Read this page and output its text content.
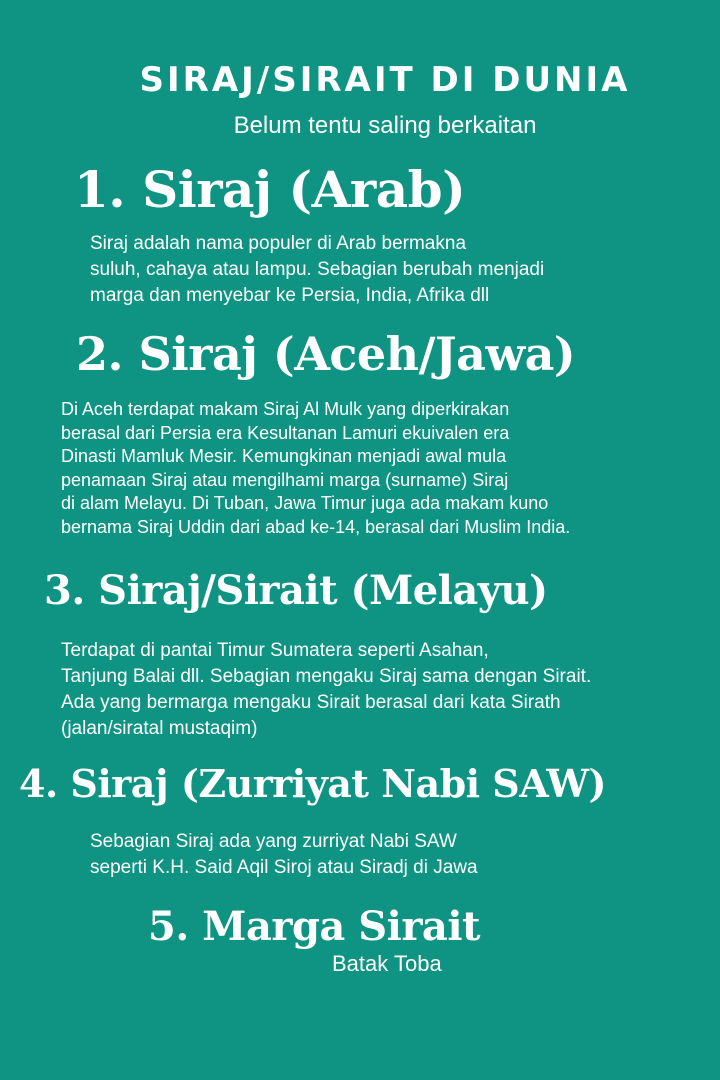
SIRAJ/SIRAIT DI DUNIA
Belum tentu saling berkaitan
1. Siraj (Arab)
Siraj adalah nama populer di Arab bermakna
suluh, cahaya atau lampu. Sebagian berubah menjadi
marga dan menyebar ke Persia, India, Afrika dll
2. Siraj (Aceh/Jawa)
Di Aceh terdapat makam Siraj Al Mulk yang diperkirakan
berasal dari Persia era Kesultanan Lamuri ekuivalen era
Dinasti Mamluk Mesir. Kemungkinan menjadi awal mula
penamaan Siraj atau mengilhami marga (surname) Siraj
di alam Melayu. Di Tuban, Jawa Timur juga ada makam kuno
bernama Siraj Uddin dari abad ke-14, berasal dari Muslim India.
3. Siraj/Sirait (Melayu)
Terdapat di pantai Timur Sumatera seperti Asahan,
Tanjung Balai dll. Sebagian mengaku Siraj sama dengan Sirait.
Ada yang bermarga mengaku Sirait berasal dari kata Sirath
(jalan/siratal mustaqim)
4. Siraj (Zurriyat Nabi SAW)
Sebagian Siraj ada yang zurriyat Nabi SAW
seperti K.H. Said Aqil Siroj atau Siradj di Jawa
5. Marga Sirait
Batak Toba
